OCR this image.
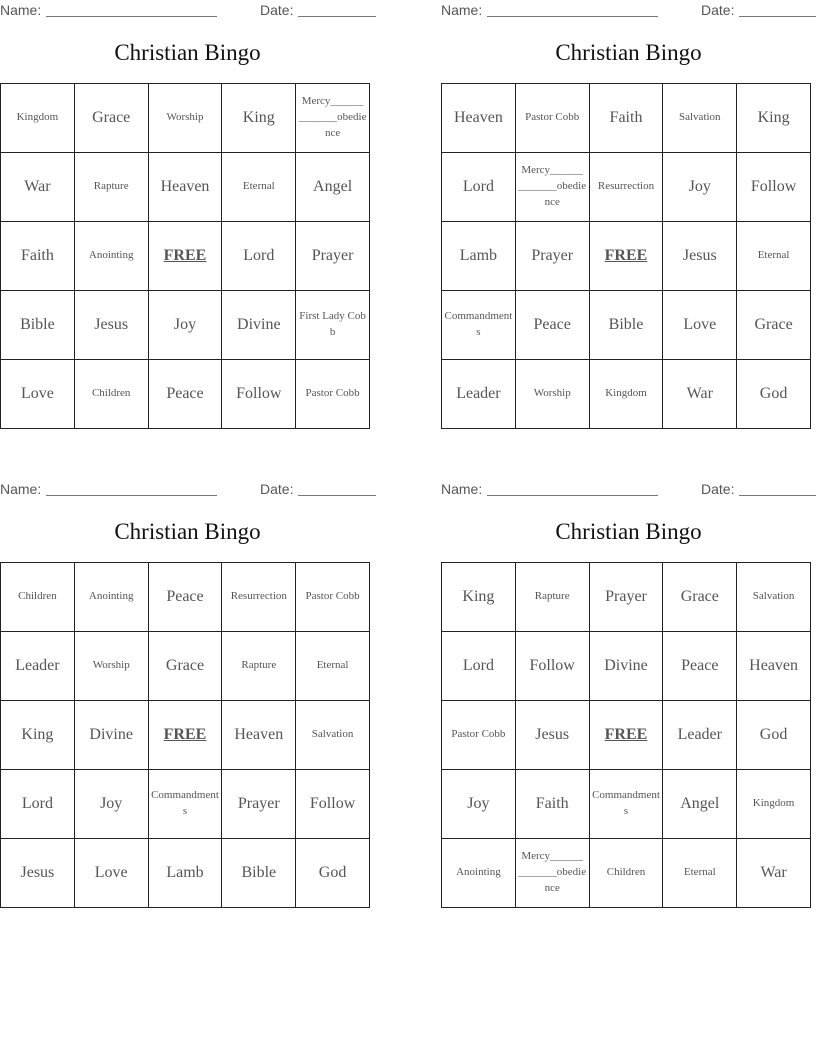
Name:	Date:
Christian Bingo
Kingdom	Grace	Worship	King	Mercy______ _______obedience
War	Rapture	Heaven	Eternal	Angel
Faith	Anointing	FREE	Lord	Prayer
Bible	Jesus	Joy	Divine	First Lady Cobb
Love	Children	Peace	Follow	Pastor Cobb
Name:	Date:
Christian Bingo
Heaven	Pastor Cobb	Faith	Salvation	King
Lord	Mercy______ _______obedience	Resurrection	Joy	Follow
Lamb	Prayer	FREE	Jesus	Eternal
Commandments	Peace	Bible	Love	Grace
Leader	Worship	Kingdom	War	God
Name:	Date:
Christian Bingo
Children	Anointing	Peace	Resurrection	Pastor Cobb
Leader	Worship	Grace	Rapture	Eternal
King	Divine	FREE	Heaven	Salvation
Lord	Joy	Commandments	Prayer	Follow
Jesus	Love	Lamb	Bible	God
Name:	Date:
Christian Bingo
King	Rapture	Prayer	Grace	Salvation
Lord	Follow	Divine	Peace	Heaven
Pastor Cobb	Jesus	FREE	Leader	God
Joy	Faith	Commandments	Angel	Kingdom
Anointing	Mercy______ _______obedience	Children	Eternal	War
